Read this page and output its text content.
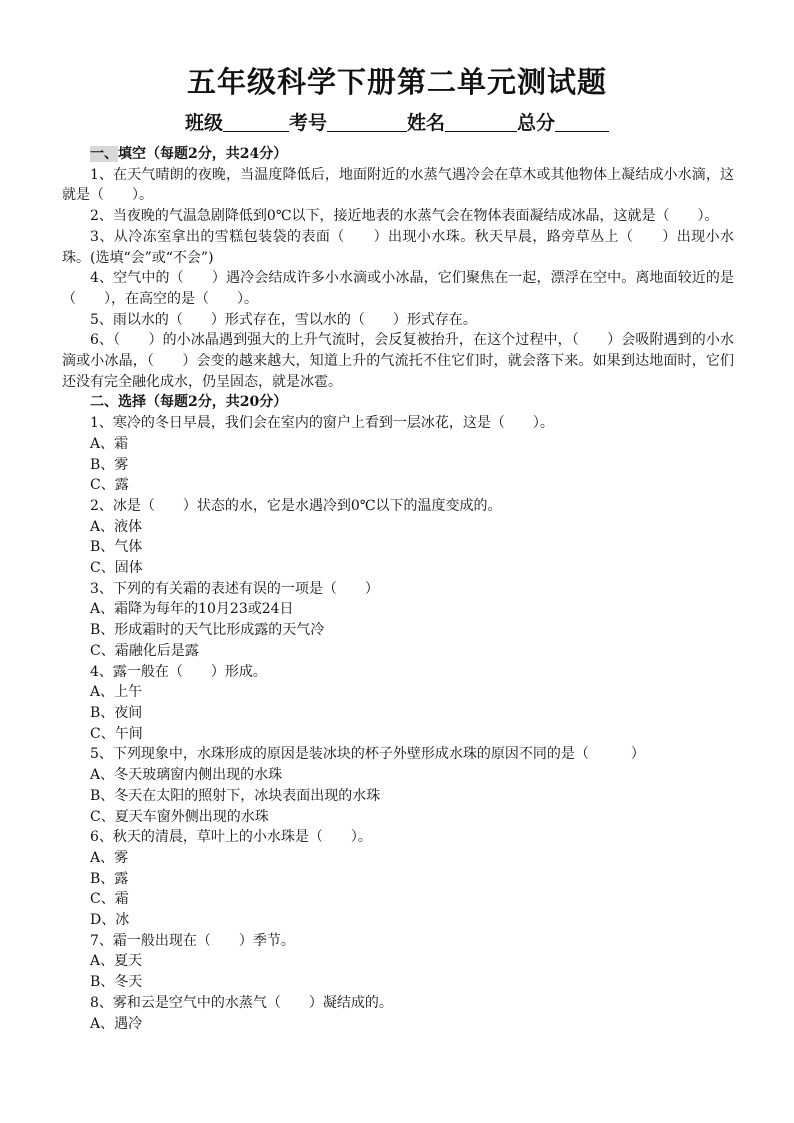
五年级科学下册第二单元测试题
班级	考号	姓名	总分

一、填空（每题2分，共24分）

1、在天气晴朗的夜晚，当温度降低后，地面附近的水蒸气遇冷会在草木或其他物体上凝结成小水滴，这就是（　　）。

2、当夜晚的气温急剧降低到0℃以下，接近地表的水蒸气会在物体表面凝结成冰晶，这就是（　　）。

3、从冷冻室拿出的雪糕包装袋的表面（　　）出现小水珠。秋天早晨，路旁草丛上（　　）出现小水珠。(选填“会”或“不会”)

4、空气中的（　　）遇冷会结成许多小水滴或小冰晶，它们聚焦在一起，漂浮在空中。离地面较近的是（　　），在高空的是（　　）。

5、雨以水的（　　）形式存在，雪以水的（　　）形式存在。

6、（　　）的小冰晶遇到强大的上升气流时，会反复被抬升，在这个过程中，（　　）会吸附遇到的小水滴或小冰晶，（　　）会变的越来越大，知道上升的气流托不住它们时，就会落下来。如果到达地面时，它们还没有完全融化成水，仍呈固态，就是冰雹。

二、选择（每题2分，共20分）

1、寒冷的冬日早晨，我们会在室内的窗户上看到一层冰花，这是（　　）。

A、霜

B、雾

C、露

2、冰是（　　）状态的水，它是水遇冷到0℃以下的温度变成的。

A、液体

B、气体

C、固体

3、下列的有关霜的表述有误的一项是（　　）

A、霜降为每年的10月23或24日

B、形成霜时的天气比形成露的天气冷

C、霜融化后是露

4、露一般在（　　）形成。

A、上午

B、夜间

C、午间

5、下列现象中，水珠形成的原因是装冰块的杯子外壁形成水珠的原因不同的是（　　　）

A、冬天玻璃窗内侧出现的水珠

B、冬天在太阳的照射下，冰块表面出现的水珠

C、夏天车窗外侧出现的水珠

6、秋天的清晨，草叶上的小水珠是（　　）。

A、雾

B、露

C、霜

D、冰

7、霜一般出现在（　　）季节。

A、夏天

B、冬天

8、雾和云是空气中的水蒸气（　　）凝结成的。

A、遇冷
